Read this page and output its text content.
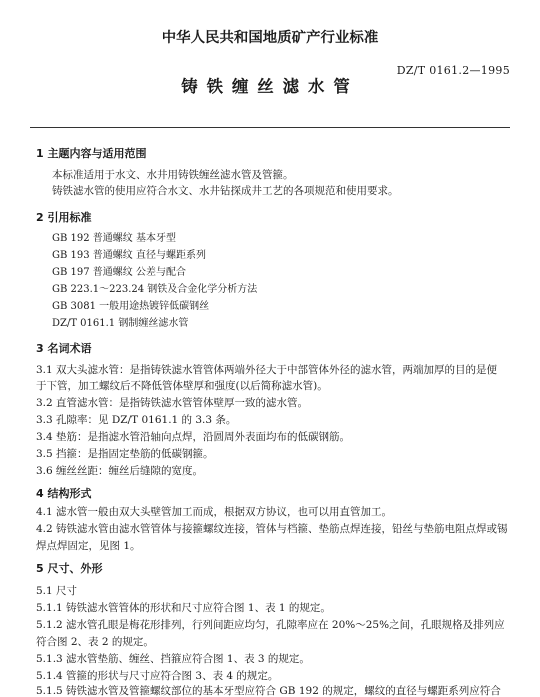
中华人民共和国地质矿产行业标准
DZ/T 0161.2—1995
铸铁缠丝滤水管
1 主题内容与适用范围
本标准适用于水文、水井用铸铁缠丝滤水管及管箍。
铸铁滤水管的使用应符合水文、水井钻探成井工艺的各项规范和使用要求。
2 引用标准
GB 192 普通螺纹 基本牙型
GB 193 普通螺纹 直径与螺距系列
GB 197 普通螺纹 公差与配合
GB 223.1～223.24 钢铁及合金化学分析方法
GB 3081 一般用途热镀锌低碳钢丝
DZ/T 0161.1 钢制缠丝滤水管
3 名词术语
3.1 双大头滤水管：是指铸铁滤水管管体两端外径大于中部管体外径的滤水管，两端加厚的目的是便
于下管，加工螺纹后不降低管体壁厚和强度(以后简称滤水管)。
3.2 直管滤水管：是指铸铁滤水管管体壁厚一致的滤水管。
3.3 孔隙率：见 DZ/T 0161.1 的 3.3 条。
3.4 垫筋：是指滤水管沿轴向点焊，沿圆周外表面均布的低碳钢筋。
3.5 挡箍：是指固定垫筋的低碳钢箍。
3.6 缠丝丝距：缠丝后缝隙的宽度。
4 结构形式
4.1 滤水管一般由双大头壁管加工而成，根据双方协议，也可以用直管加工。
4.2 铸铁滤水管由滤水管管体与接箍螺纹连接，管体与档箍、垫筋点焊连接，铅丝与垫筋电阻点焊或锡
焊点焊固定，见图 1。
5 尺寸、外形
5.1 尺寸
5.1.1 铸铁滤水管管体的形状和尺寸应符合图 1、表 1 的规定。
5.1.2 滤水管孔眼是梅花形排列，行列间距应均匀，孔隙率应在 20%～25%之间，孔眼规格及排列应
符合图 2、表 2 的规定。
5.1.3 滤水管垫筋、缠丝、挡箍应符合图 1、表 3 的规定。
5.1.4 管箍的形状与尺寸应符合图 3、表 4 的规定。
5.1.5 铸铁滤水管及管箍螺纹部位的基本牙型应符合 GB 192 的规定，螺纹的直径与螺距系列应符合
